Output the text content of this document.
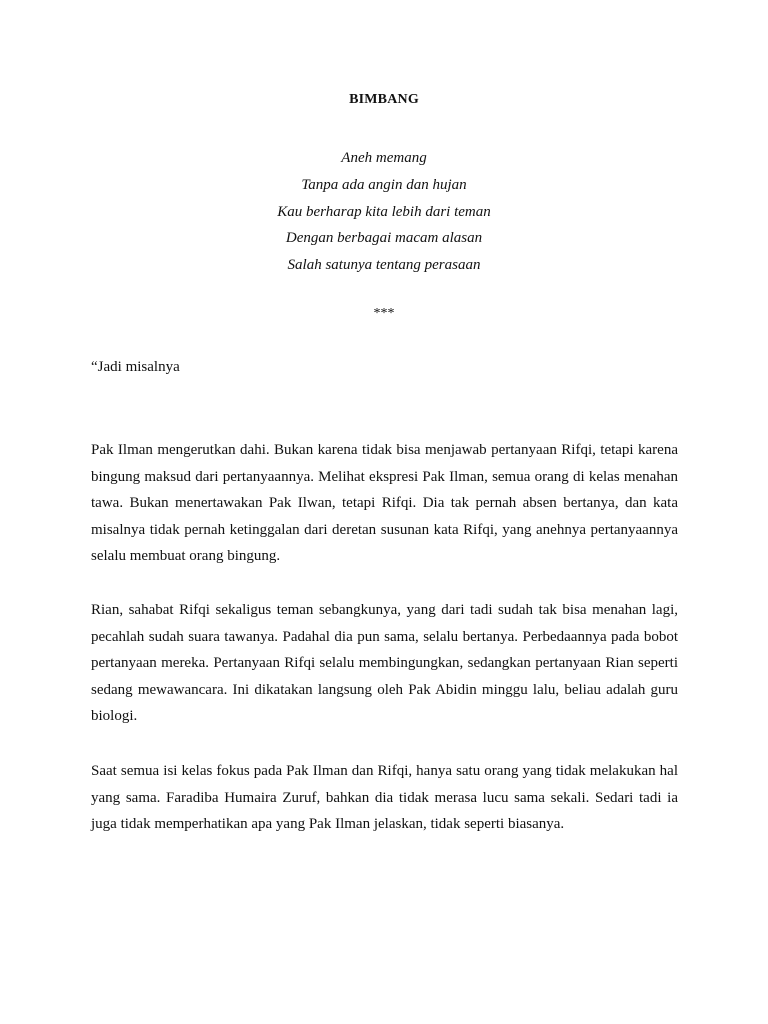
BIMBANG
Aneh memang
Tanpa ada angin dan hujan
Kau berharap kita lebih dari teman
Dengan berbagai macam alasan
Salah satunya tentang perasaan
***
“Jadi misalnya

Pak Ilman mengerutkan dahi. Bukan karena tidak bisa menjawab pertanyaan Rifqi, tetapi karena bingung maksud dari pertanyaannya. Melihat ekspresi Pak Ilman, semua orang di kelas menahan tawa. Bukan menertawakan Pak Ilwan, tetapi Rifqi. Dia tak pernah absen bertanya, dan kata misalnya tidak pernah ketinggalan dari deretan susunan kata Rifqi, yang anehnya pertanyaannya selalu membuat orang bingung.

Rian, sahabat Rifqi sekaligus teman sebangkunya, yang dari tadi sudah tak bisa menahan lagi, pecahlah sudah suara tawanya. Padahal dia pun sama, selalu bertanya. Perbedaannya pada bobot pertanyaan mereka. Pertanyaan Rifqi selalu membingungkan, sedangkan pertanyaan Rian seperti sedang mewawancara. Ini dikatakan langsung oleh Pak Abidin minggu lalu, beliau adalah guru biologi.

Saat semua isi kelas fokus pada Pak Ilman dan Rifqi, hanya satu orang yang tidak melakukan hal yang sama. Faradiba Humaira Zuruf, bahkan dia tidak merasa lucu sama sekali. Sedari tadi ia juga tidak memperhatikan apa yang Pak Ilman jelaskan, tidak seperti biasanya.
